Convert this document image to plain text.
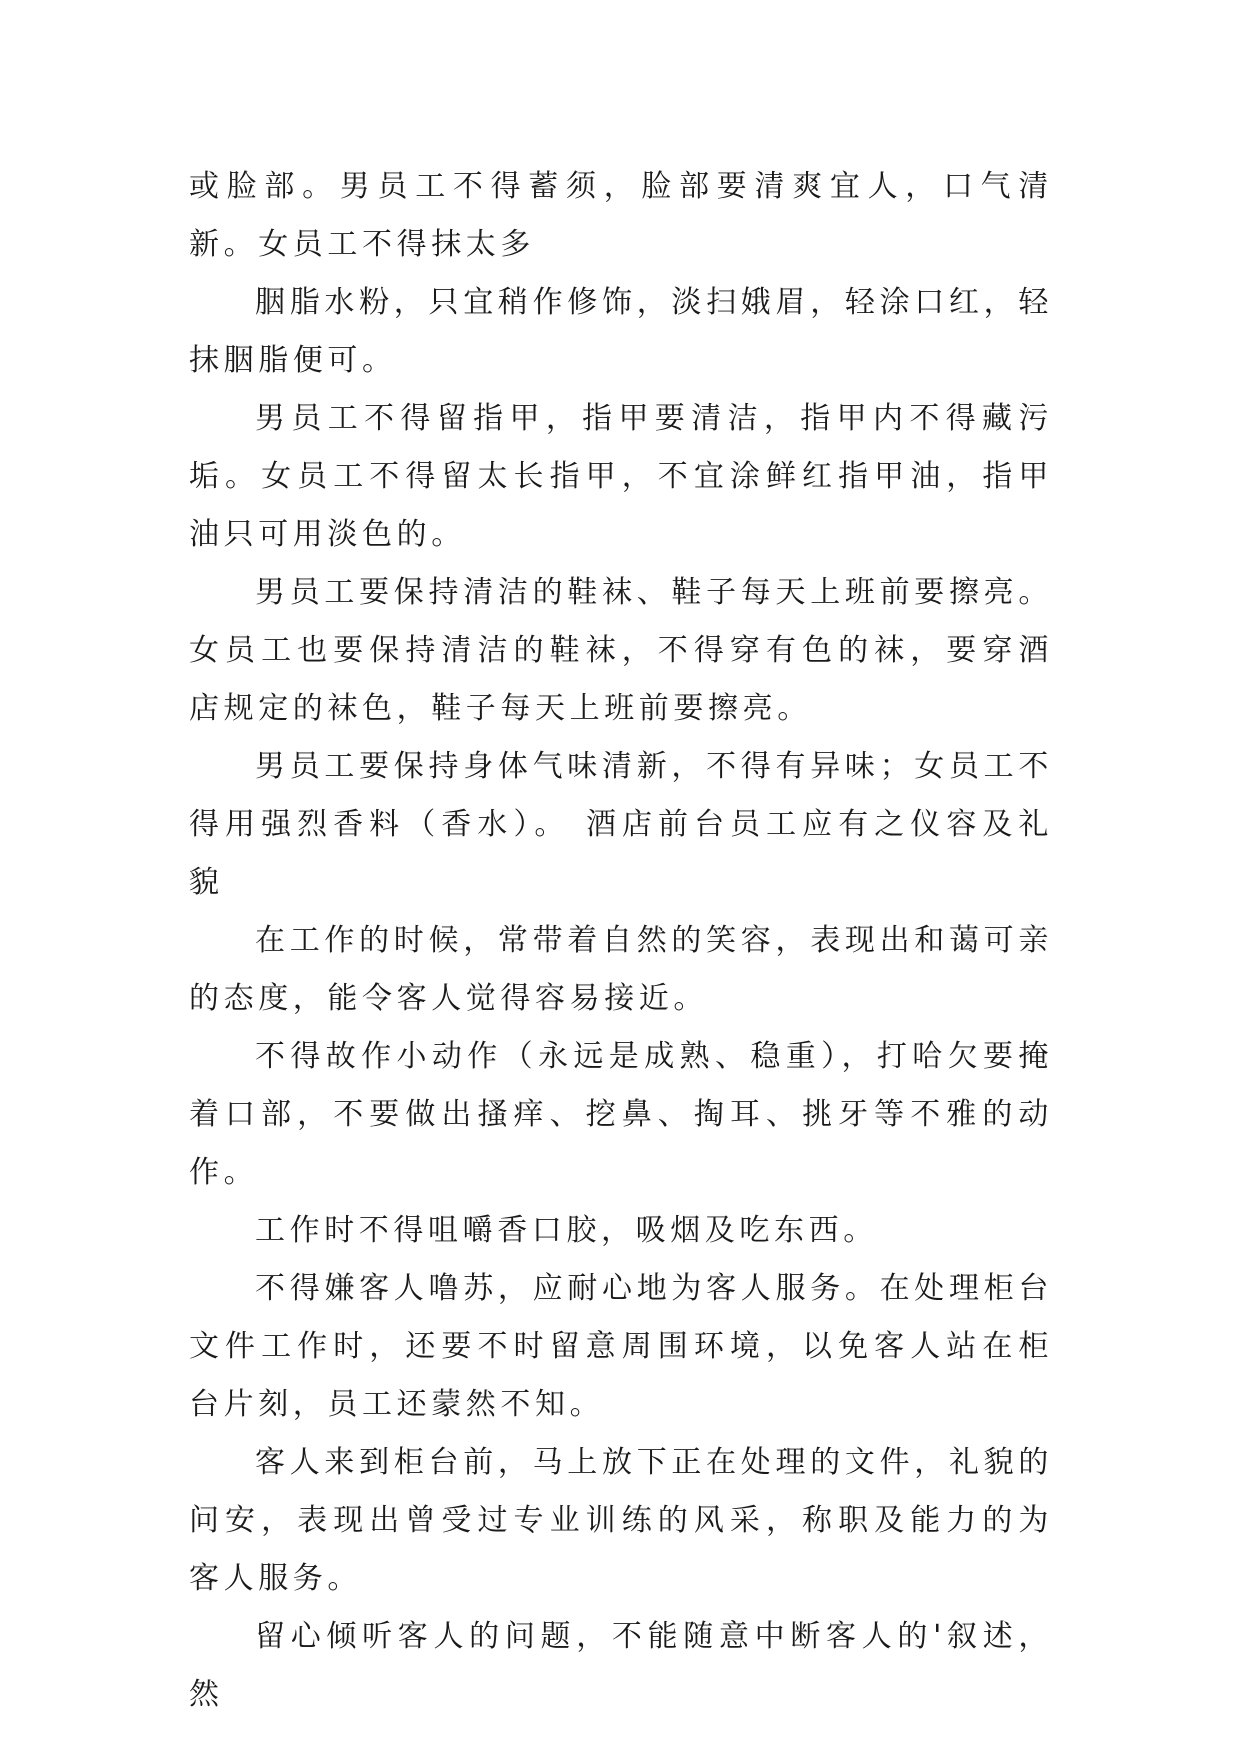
或脸部。男员工不得蓄须，脸部要清爽宜人，口气清新。女员工不得抹太多

胭脂水粉，只宜稍作修饰，淡扫娥眉，轻涂口红，轻抹胭脂便可。

男员工不得留指甲，指甲要清洁，指甲内不得藏污垢。女员工不得留太长指甲，不宜涂鲜红指甲油，指甲油只可用淡色的。

男员工要保持清洁的鞋袜、鞋子每天上班前要擦亮。女员工也要保持清洁的鞋袜，不得穿有色的袜，要穿酒店规定的袜色，鞋子每天上班前要擦亮。

男员工要保持身体气味清新，不得有异味；女员工不得用强烈香料（香水）。 酒店前台员工应有之仪容及礼貌

在工作的时候，常带着自然的笑容，表现出和蔼可亲的态度，能令客人觉得容易接近。

不得故作小动作（永远是成熟、稳重），打哈欠要掩着口部，不要做出搔痒、挖鼻、掏耳、挑牙等不雅的动作。

工作时不得咀嚼香口胶，吸烟及吃东西。

不得嫌客人噜苏，应耐心地为客人服务。在处理柜台文件工作时，还要不时留意周围环境，以免客人站在柜台片刻，员工还蒙然不知。

客人来到柜台前，马上放下正在处理的文件，礼貌的问安，表现出曾受过专业训练的风采，称职及能力的为客人服务。

留心倾听客人的问题，不能随意中断客人的'叙述，然
